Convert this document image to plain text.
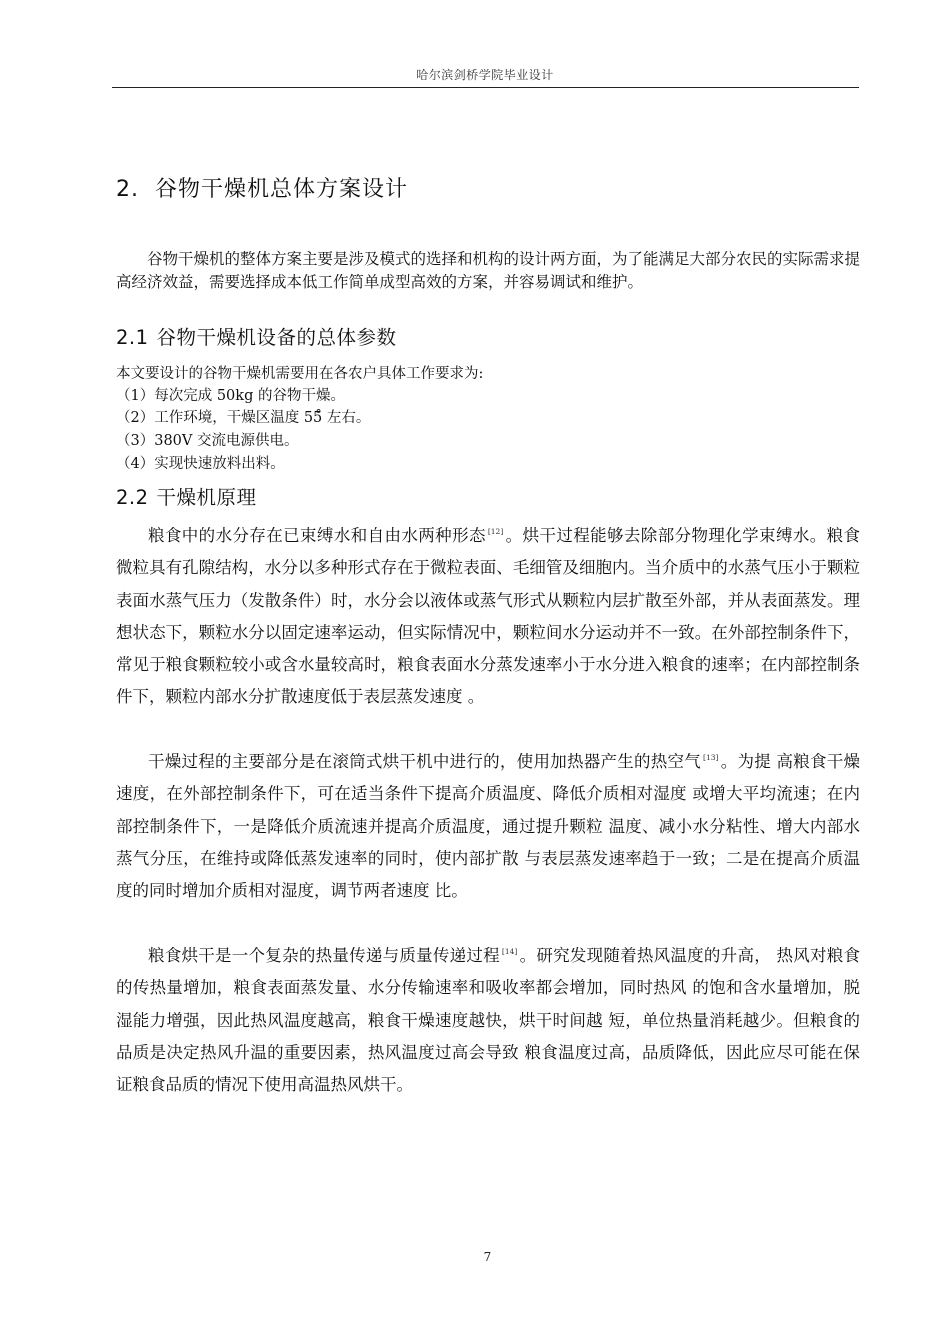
哈尔滨剑桥学院毕业设计
2. 谷物干燥机总体方案设计

谷物干燥机的整体方案主要是涉及模式的选择和机构的设计两方面，为了能满足大部分农民的实际需求提高经济效益，需要选择成本低工作简单成型高效的方案，并容易调试和维护。

2.1 谷物干燥机设备的总体参数
本文要设计的谷物干燥机需要用在各农户具体工作要求为:
（1）每次完成 50kg 的谷物干燥。
（2）工作环境，干燥区温度 55̊ 左右。
（3）380V 交流电源供电。
（4）实现快速放料出料。
2.2 干燥机原理

粮食中的水分存在已束缚水和自由水两种形态 [12] 。烘干过程能够去除部分物理化学束缚水。粮食微粒具有孔隙结构，水分以多种形式存在于微粒表面、毛细管及细胞内。当介质中的水蒸气压小于颗粒表面水蒸气压力（发散条件）时，水分会以液体或蒸气形式从颗粒内层扩散至外部，并从表面蒸发。理想状态下，颗粒水分以固定速率运动，但实际情况中，颗粒间水分运动并不一致。在外部控制条件下，常见于粮食颗粒较小或含水量较高时，粮食表面水分蒸发速率小于水分进入粮食的速率；在内部控制条件下，颗粒内部水分扩散速度低于表层蒸发速度 。

干燥过程的主要部分是在滚筒式烘干机中进行的，使用加热器产生的热空气 [13] 。为提 高粮食干燥速度，在外部控制条件下，可在适当条件下提高介质温度、降低介质相对湿度 或增大平均流速；在内部控制条件下，一是降低介质流速并提高介质温度，通过提升颗粒 温度、减小水分粘性、增大内部水蒸气分压，在维持或降低蒸发速率的同时，使内部扩散 与表层蒸发速率趋于一致；二是在提高介质温度的同时增加介质相对湿度，调节两者速度 比。

粮食烘干是一个复杂的热量传递与质量传递过程 [14] 。研究发现随着热风温度的升高， 热风对粮食的传热量增加，粮食表面蒸发量、水分传输速率和吸收率都会增加，同时热风 的饱和含水量增加，脱湿能力增强，因此热风温度越高，粮食干燥速度越快，烘干时间越 短，单位热量消耗越少。但粮食的品质是决定热风升温的重要因素，热风温度过高会导致 粮食温度过高，品质降低，因此应尽可能在保证粮食品质的情况下使用高温热风烘干。

7
